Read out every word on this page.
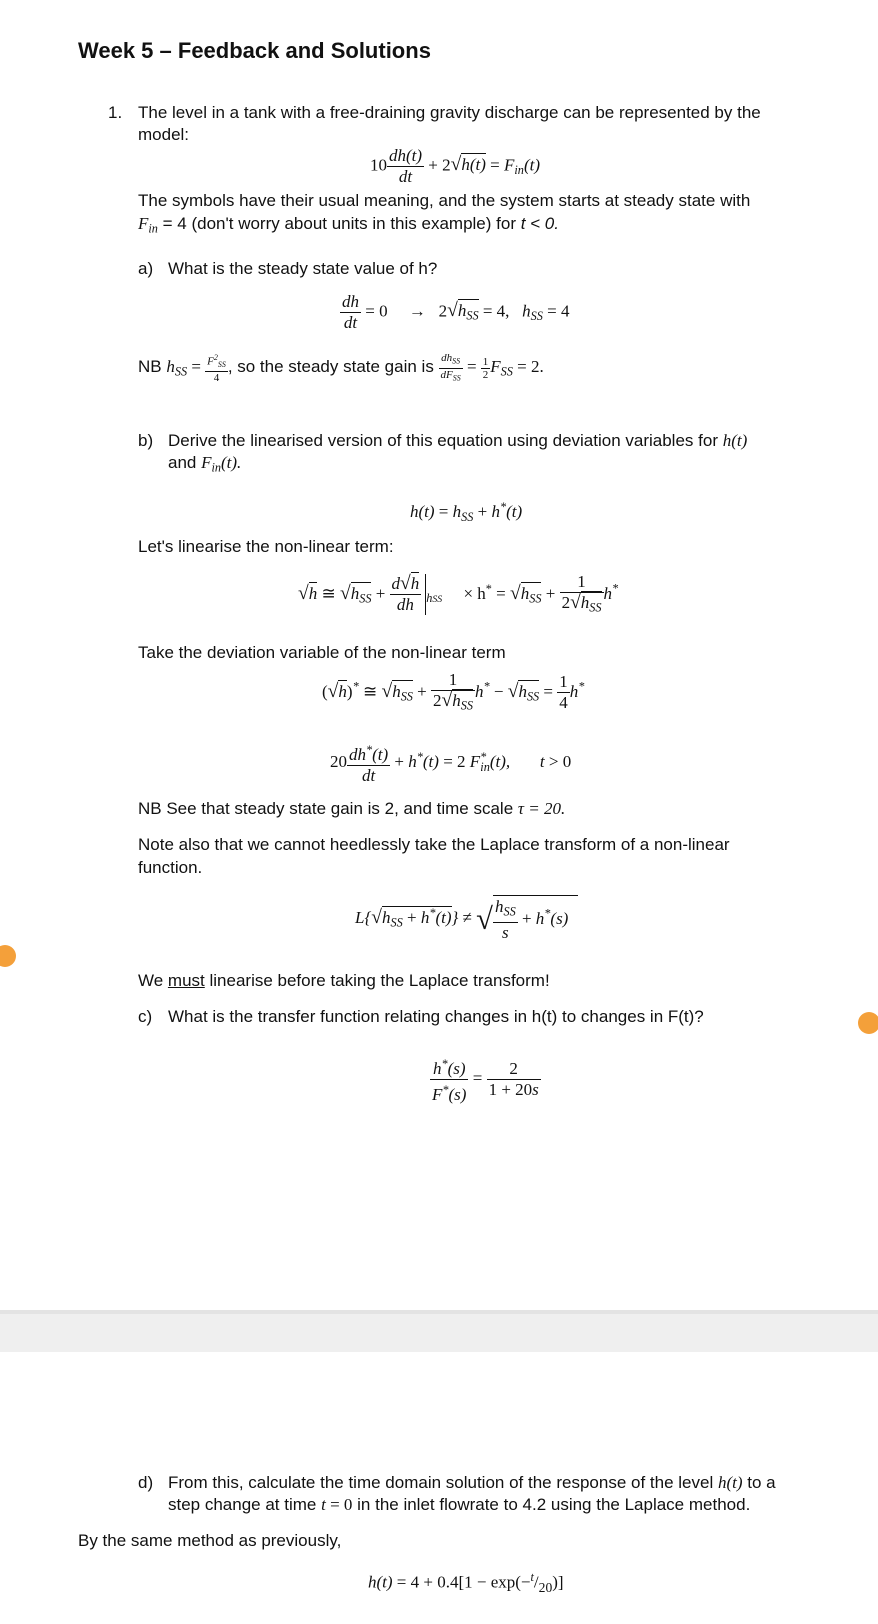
Week 5 – Feedback and Solutions
1. The level in a tank with a free-draining gravity discharge can be represented by the
model:
$10 \frac{dh(t)}{dt} + 2√h(t) = F_{in}(t)$
The symbols have their usual meaning, and the system starts at steady state with
$F_{in} = 4$ (don't worry about units in this example) for t < 0.
a) What is the steady state value of h?
$\frac{dh}{dt} = 0$     →   $2√h_{SS} = 4$,   $h_{SS} = 4$
NB $h_{SS} = \frac{F^2_{SS}}{4}$ , so the steady state gain is $\frac{dh_{SS}}{dF_{SS}} = \frac{1}{2} F_{SS} = 2$.
b) Derive the linearised version of this equation using deviation variables for h(t)
and $F_{in}(t)$.
$h(t) = h_{SS} + h^*(t)$
Let's linearise the non-linear term:
√h ≅ $√h_{SS} + \frac{d√h}{dh} _{hSS}$     × $h^* = √h_{SS} + \frac{1}{2√h_{SS}} h^*$
Take the deviation variable of the non-linear term
(√h)* ≅ $√h_{SS} + \frac{1}{2√h_{SS}} h^* - √h_{SS} = \frac{1}{4} h^*$
$20 \frac{dh^*(t)}{dt} + h^*(t) = 2$ $F^*_{in}(t)$, t > 0
NB See that steady state gain is 2, and time scale τ = 20.
Note also that we cannot heedlessly take the Laplace transform of a non-linear
function.
$L\{√h_{SS} + h^*(t)\}$ ≠ √ $\frac{h_{SS}}{s} + h^*(s)$
We must linearise before taking the Laplace transform!
c) What is the transfer function relating changes in h(t) to changes in F(t)?
$\frac{h^*(s)}{F^*(s)} = \frac{2}{1 + 20s}$
d) From this, calculate the time domain solution of the response of the level h(t) to a
step change at time t = 0 in the inlet flowrate to 4.2 using the Laplace method.
By the same method as previously,
$h(t) = 4 + 0.4[1 - \exp(-^t/_{20})]$
